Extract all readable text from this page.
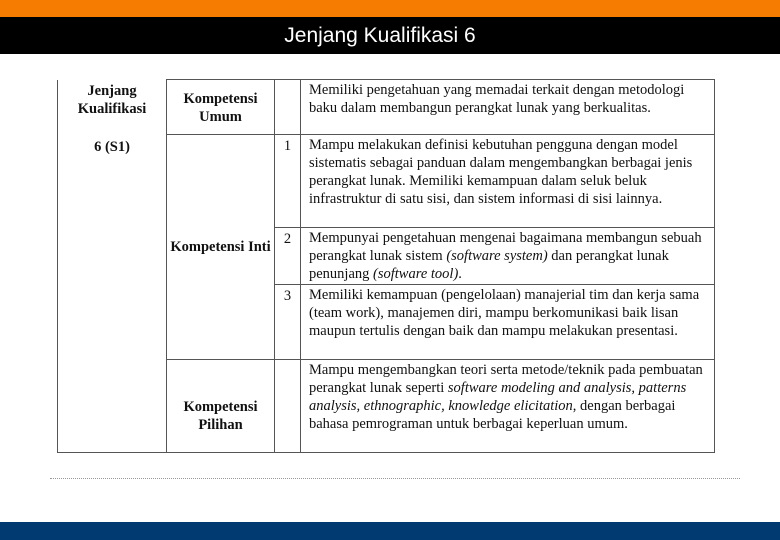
Jenjang Kualifikasi 6
Jenjang Kualifikasi
6 (S1)	Kompetensi Umum		Memiliki pengetahuan yang memadai terkait dengan metodologi baku dalam membangun perangkat lunak yang berkualitas.

	Kompetensi Inti	1	Mampu melakukan definisi kebutuhan pengguna dengan model sistematis sebagai panduan dalam mengembangkan berbagai jenis perangkat lunak. Memiliki kemampuan dalam seluk beluk infrastruktur di satu sisi, dan sistem informasi di sisi lainnya.
		2	Mempunyai pengetahuan mengenai bagaimana membangun sebuah perangkat lunak sistem (software system) dan perangkat lunak penunjang (software tool).
		3	Memiliki kemampuan (pengelolaan) manajerial tim dan kerja sama (team work), manajemen diri, mampu berkomunikasi baik lisan maupun tertulis dengan baik dan mampu melakukan presentasi.

	Kompetensi Pilihan		Mampu mengembangkan teori serta metode/teknik pada pembuatan perangkat lunak seperti software modeling and analysis, patterns analysis, ethnographic, knowledge elicitation, dengan berbagai bahasa pemrograman untuk berbagai keperluan umum.
